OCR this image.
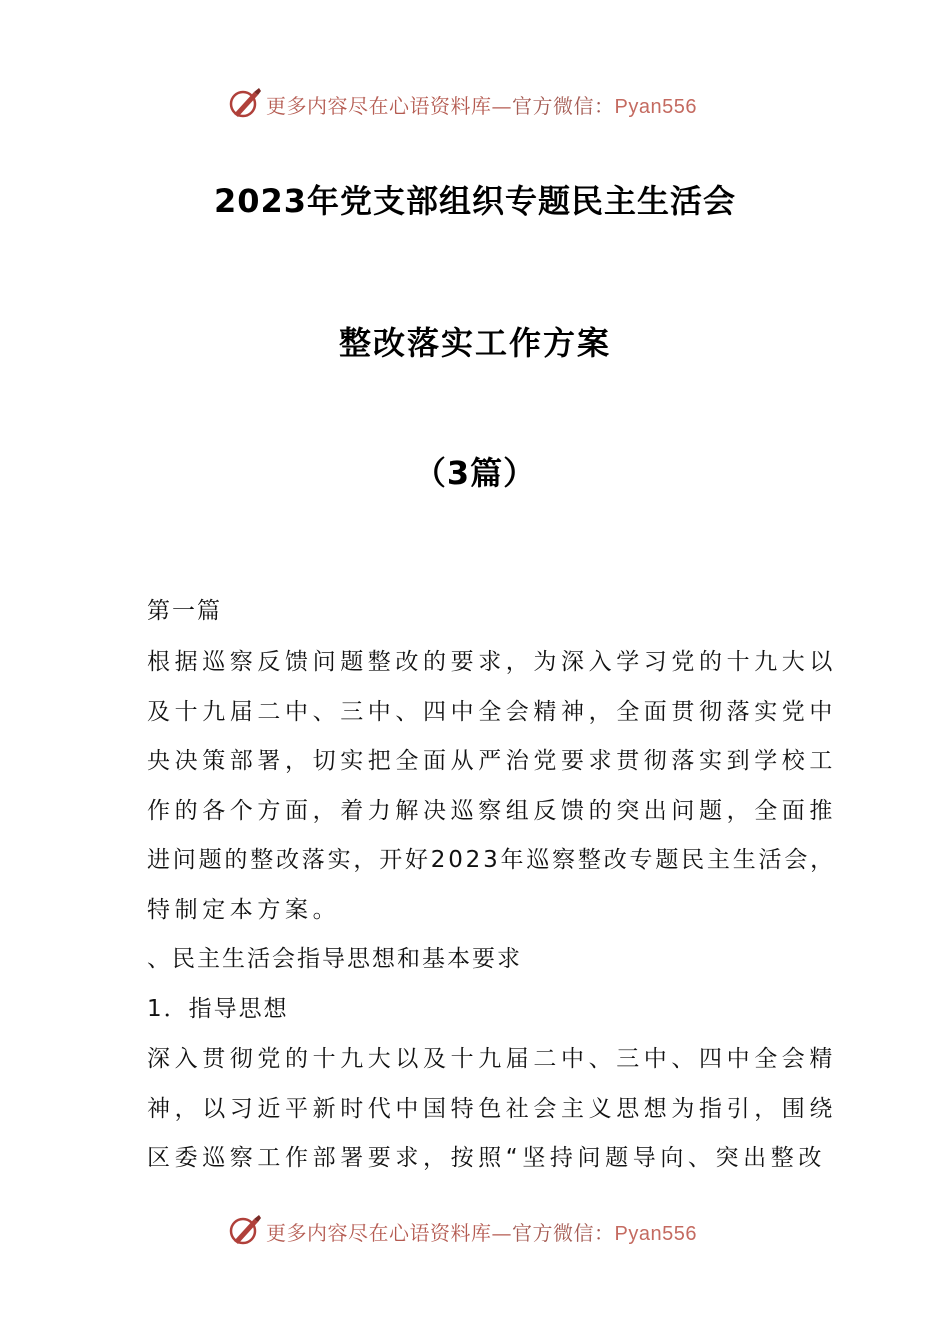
更多内容尽在心语资料库—官方微信：Pyan556
2023年党支部组织专题民主生活会
整改落实工作方案
（3篇）
第一篇
根据巡察反馈问题整改的要求，为深入学习党的十九大以
及十九届二中、三中、四中全会精神，全面贯彻落实党中
央决策部署，切实把全面从严治党要求贯彻落实到学校工
作的各个方面，着力解决巡察组反馈的突出问题，全面推
进问题的整改落实，开好2023年巡察整改专题民主生活会，
特制定本方案。
、民主生活会指导思想和基本要求
1．指导思想
深入贯彻党的十九大以及十九届二中、三中、四中全会精
神，以习近平新时代中国特色社会主义思想为指引，围绕
区委巡察工作部署要求，按照“坚持问题导向、突出整改
更多内容尽在心语资料库—官方微信：Pyan556
